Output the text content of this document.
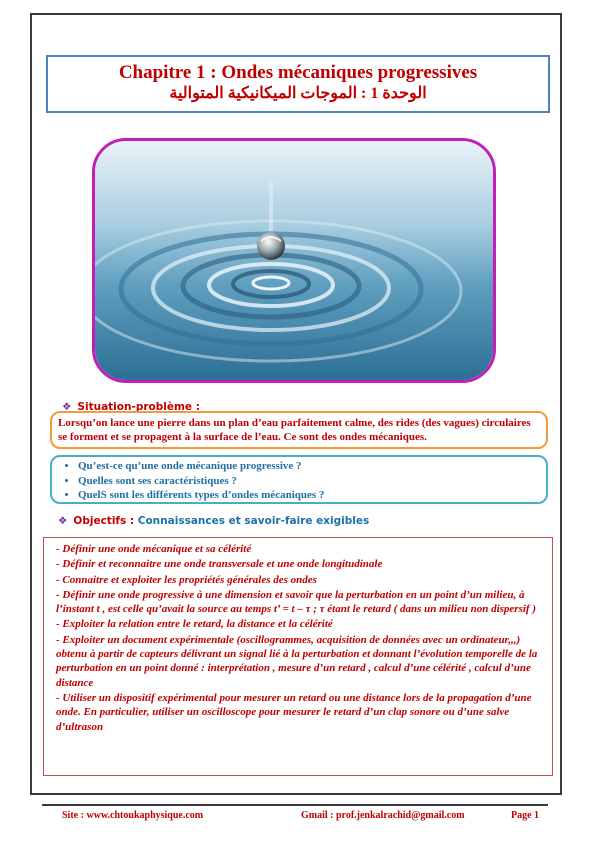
Chapitre 1 : Ondes mécaniques progressives
الوحدة 1 : الموجات الميكانيكية المتوالية
❖ Situation-problème :
Lorsqu’on lance une pierre dans un plan d’eau parfaitement calme, des rides (des vagues) circulaires se forment et se propagent à la surface de l’eau. Ce sont des ondes mécaniques.
• Qu’est-ce qu’une onde mécanique progressive ?
• Quelles sont ses caractéristiques ?
• QuelS sont les différents types d’ondes mécaniques ?
❖ Objectifs : Connaissances et savoir-faire exigibles
- Définir une onde mécanique et sa célérité
- Définir et reconnaitre une onde transversale et une onde longitudinale
- Connaitre et exploiter les propriétés générales des ondes
- Définir une onde progressive à une dimension et savoir que la perturbation en un point d’un milieu, à l’instant t , est celle qu’avait la source au temps t’ = t – τ ; τ étant le retard ( dans un milieu non dispersif )
- Exploiter la relation entre le retard, la distance et la célérité
- Exploiter un document expérimentale (oscillogrammes, acquisition de données avec un ordinateur,,,) obtenu à partir de capteurs délivrant un signal lié à la perturbation et donnant l’évolution temporelle de la perturbation en un point donné : interprétation , mesure d’un retard , calcul d’une célérité , calcul d’une distance
- Utiliser un dispositif expérimental pour mesurer un retard ou une distance lors de la propagation d’une onde. En particulier, utiliser un oscilloscope pour mesurer le retard d’un clap sonore ou d’une salve d’ultrason
Site : www.chtoukaphysique.com	Gmail : prof.jenkalrachid@gmail.com	Page 1
